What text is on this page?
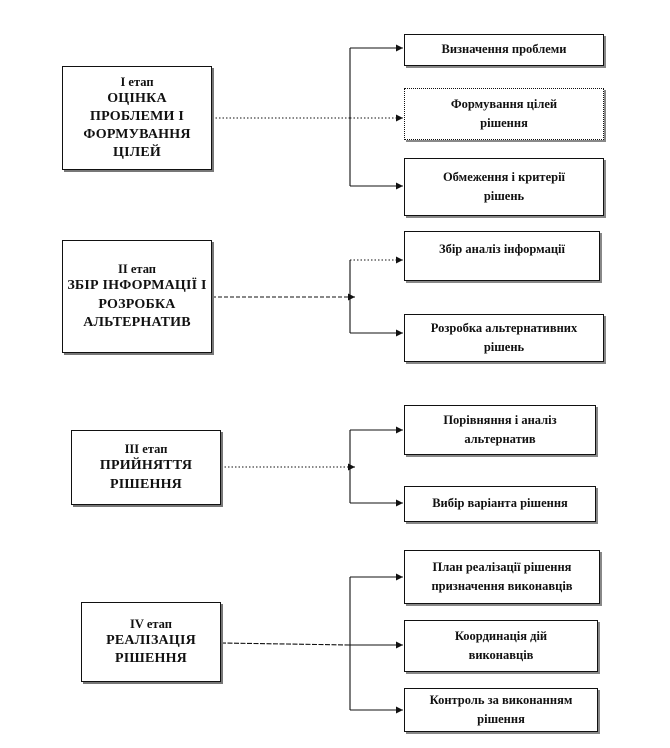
I етап
ОЦІНКА ПРОБЛЕМИ І ФОРМУВАННЯ ЦІЛЕЙ
Визначення проблеми
Формування цілей рішення
Обмеження і критерії рішень
II етап
ЗБІР ІНФОРМАЦІЇ І РОЗРОБКА АЛЬТЕРНАТИВ
Збір аналіз інформації
Розробка альтернативних рішень
III етап
ПРИЙНЯТТЯ РІШЕННЯ
Порівняння і аналіз альтернатив
Вибір варіанта рішення
IV етап
РЕАЛІЗАЦІЯ РІШЕННЯ
План реалізації рішення призначення виконавців
Координація дій виконавців
Контроль за виконанням рішення
